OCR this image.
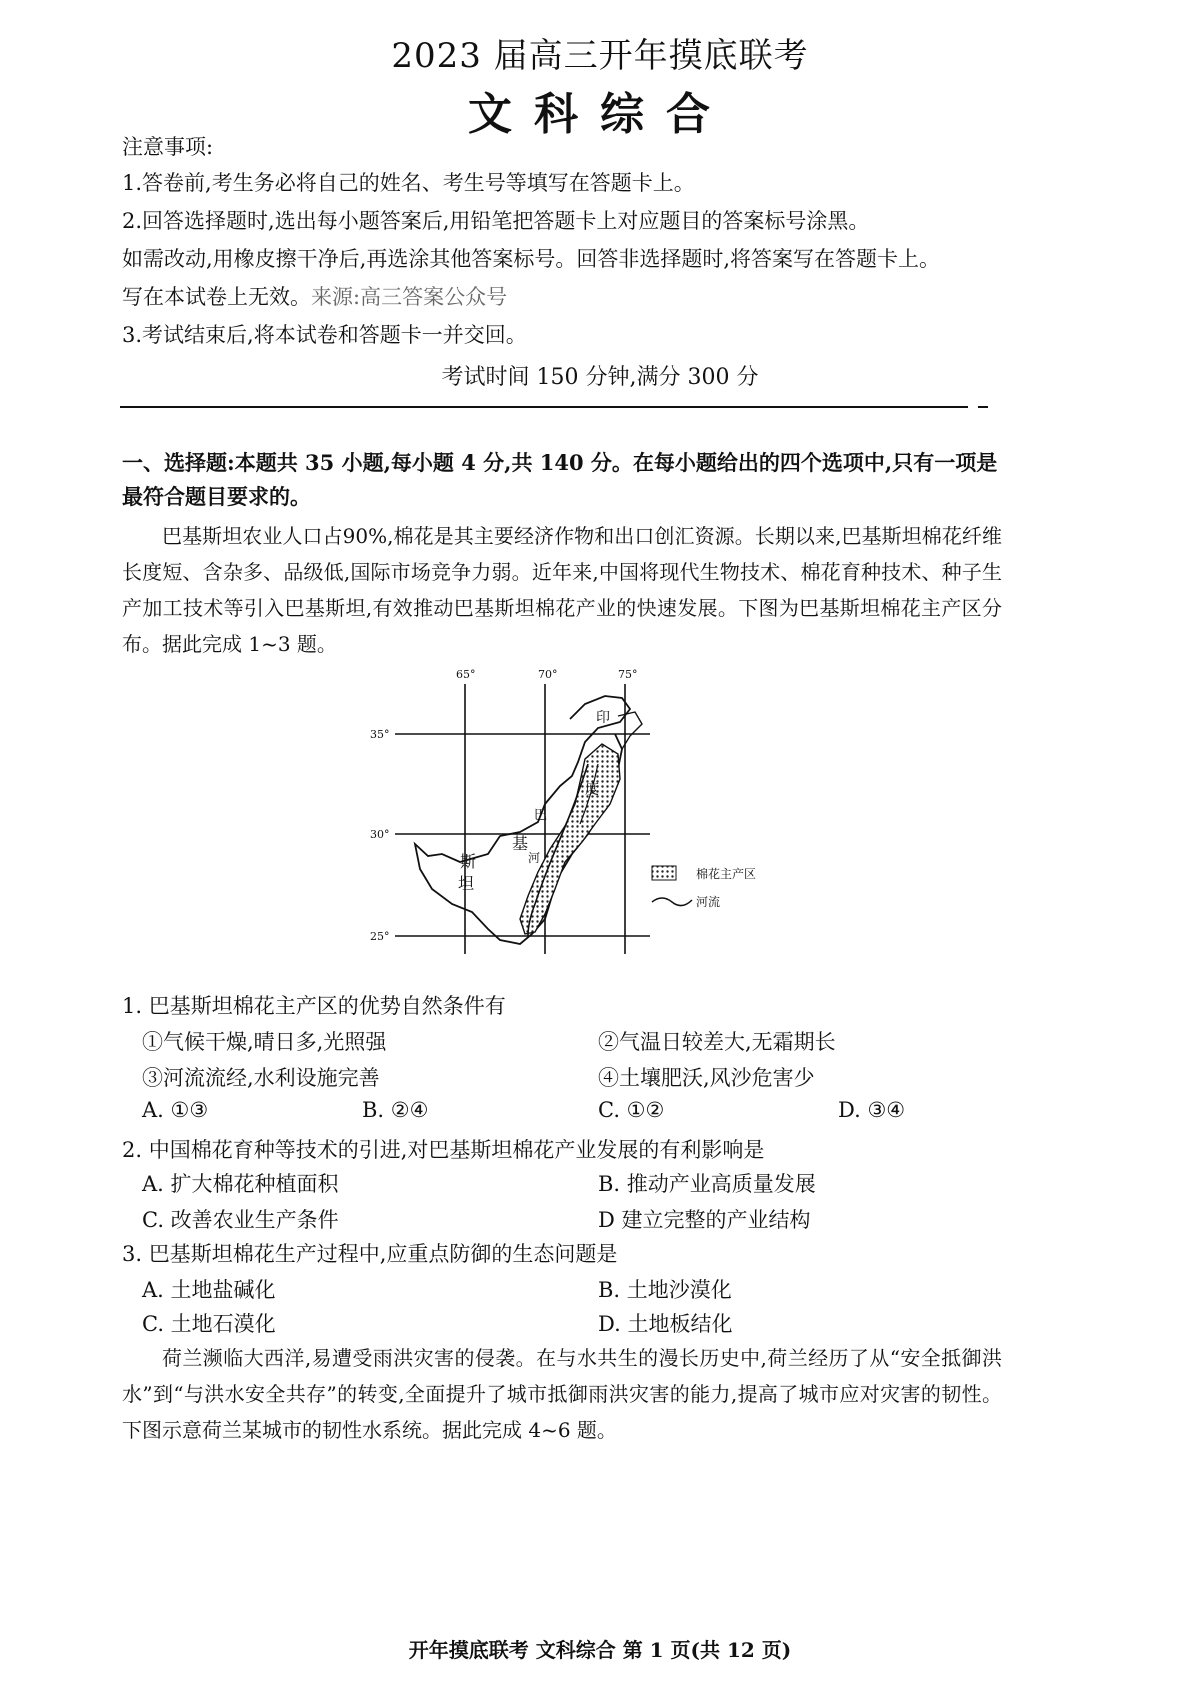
2023 届高三开年摸底联考
文科综合
注意事项:
1.答卷前,考生务必将自己的姓名、考生号等填写在答题卡上。
2.回答选择题时,选出每小题答案后,用铅笔把答题卡上对应题目的答案标号涂黑。
如需改动,用橡皮擦干净后,再选涂其他答案标号。回答非选择题时,将答案写在答题卡上。
写在本试卷上无效。来源:高三答案公众号
3.考试结束后,将本试卷和答题卡一并交回。
考试时间 150 分钟,满分 300 分
一、选择题:本题共 35 小题,每小题 4 分,共 140 分。在每小题给出的四个选项中,只有一项是最符合题目要求的。
巴基斯坦农业人口占90%,棉花是其主要经济作物和出口创汇资源。长期以来,巴基斯坦棉花纤维长度短、含杂多、品级低,国际市场竞争力弱。近年来,中国将现代生物技术、棉花育种技术、种子生产加工技术等引入巴基斯坦,有效推动巴基斯坦棉花产业的快速发展。下图为巴基斯坦棉花主产区分布。据此完成 1~3 题。
65°	70°	75°
35°
30°
25°
印
度
巴
基
斯
坦
河
棉花主产区
河流
1. 巴基斯坦棉花主产区的优势自然条件有
①气候干燥,晴日多,光照强	②气温日较差大,无霜期长
③河流流经,水利设施完善	④土壤肥沃,风沙危害少
A. ①③	B. ②④	C. ①②	D. ③④
2. 中国棉花育种等技术的引进,对巴基斯坦棉花产业发展的有利影响是
A. 扩大棉花种植面积	B. 推动产业高质量发展
C. 改善农业生产条件	D 建立完整的产业结构
3. 巴基斯坦棉花生产过程中,应重点防御的生态问题是
A. 土地盐碱化	B. 土地沙漠化
C. 土地石漠化	D. 土地板结化
荷兰濒临大西洋,易遭受雨洪灾害的侵袭。在与水共生的漫长历史中,荷兰经历了从“安全抵御洪水”到“与洪水安全共存”的转变,全面提升了城市抵御雨洪灾害的能力,提高了城市应对灾害的韧性。下图示意荷兰某城市的韧性水系统。据此完成 4~6 题。
开年摸底联考 文科综合 第 1 页(共 12 页)
